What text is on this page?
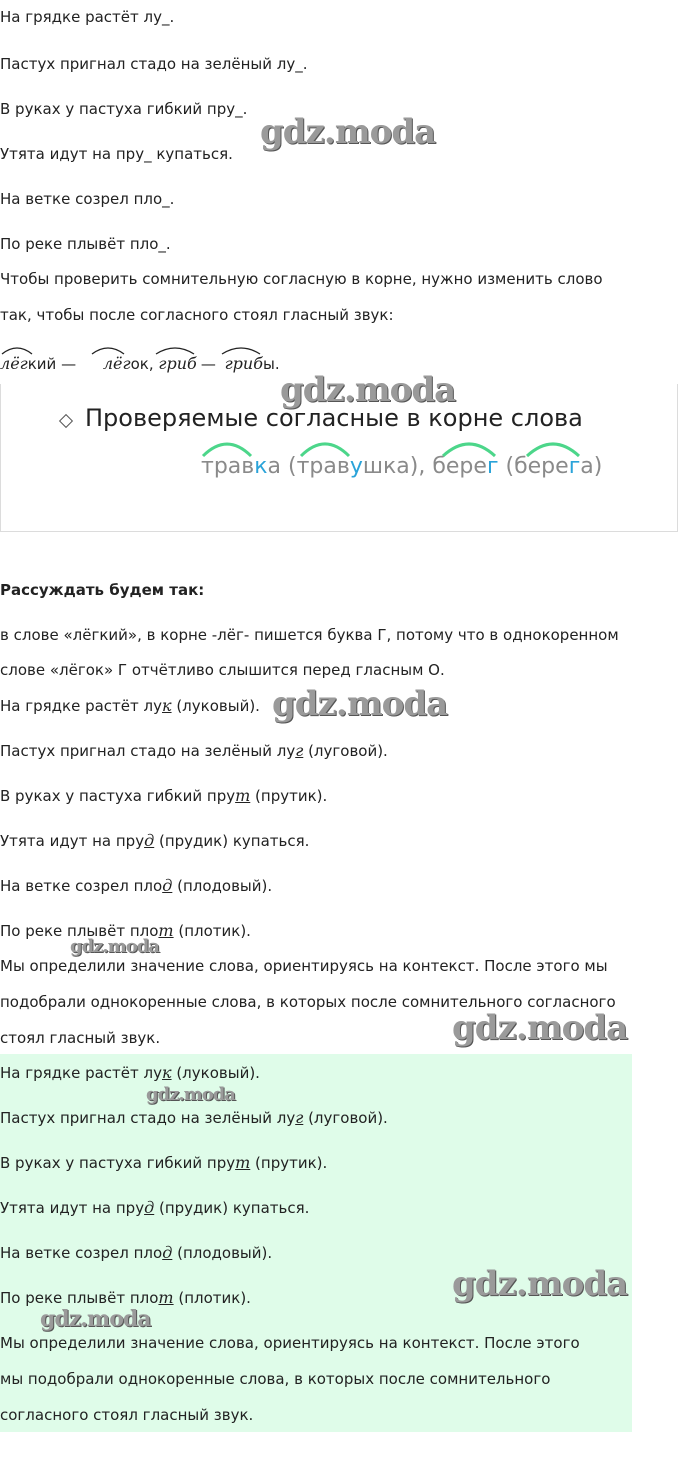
На грядке растёт лу_.
Пастух пригнал стадо на зелёный лу_.
В руках у пастуха гибкий пру_.
Утята идут на пру_ купаться.
На ветке созрел пло_.
По реке плывёт пло_.
Чтобы проверить сомнительную согласную в корне, нужно изменить слово
так, чтобы после согласного стоял гласный звук:
лёгкий — лёгок, гриб — грибы.
Проверяемые согласные в корне слова
травка (травушка), берег (берега)
Рассуждать будем так:
в слове «лёгкий», в корне -лёг- пишется буква Г, потому что в однокоренном
слове «лёгок» Г отчётливо слышится перед гласным О.
На грядке растёт лук (луковый).
Пастух пригнал стадо на зелёный луг (луговой).
В руках у пастуха гибкий прут (прутик).
Утята идут на пруд (прудик) купаться.
На ветке созрел плод (плодовый).
По реке плывёт плот (плотик).
Мы определили значение слова, ориентируясь на контекст. После этого мы
подобрали однокоренные слова, в которых после сомнительного согласного
стоял гласный звук.
На грядке растёт лук (луковый).
Пастух пригнал стадо на зелёный луг (луговой).
В руках у пастуха гибкий прут (прутик).
Утята идут на пруд (прудик) купаться.
На ветке созрел плод (плодовый).
По реке плывёт плот (плотик).
Мы определили значение слова, ориентируясь на контекст. После этого
мы подобрали однокоренные слова, в которых после сомнительного
согласного стоял гласный звук.
gdz.moda
gdz.moda
gdz.moda
gdz.moda
gdz.moda
gdz.moda
gdz.moda
gdz.moda
